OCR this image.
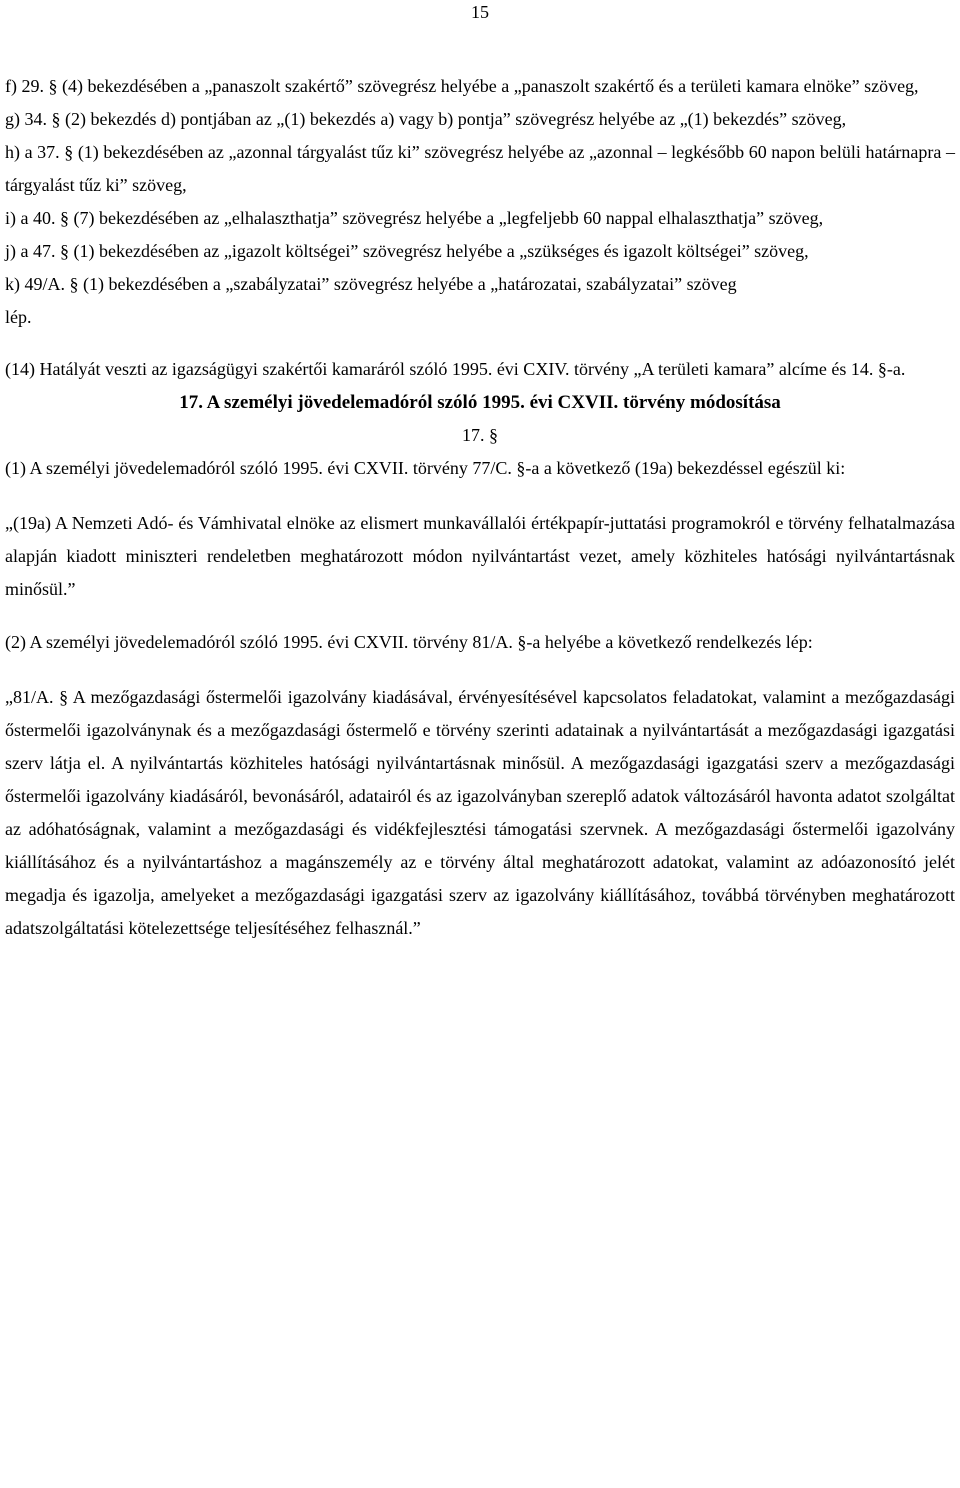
15

f) 29. § (4) bekezdésében a „panaszolt szakértő” szövegrész helyébe a „panaszolt szakértő és a területi kamara elnöke” szöveg,

g) 34. § (2) bekezdés d) pontjában az „(1) bekezdés a) vagy b) pontja” szövegrész helyébe az „(1) bekezdés” szöveg,

h) a 37. § (1) bekezdésében az „azonnal tárgyalást tűz ki” szövegrész helyébe az „azonnal – legkésőbb 60 napon belüli határnapra – tárgyalást tűz ki” szöveg,

i) a 40. § (7) bekezdésében az „elhalaszthatja” szövegrész helyébe a „legfeljebb 60 nappal elhalaszthatja” szöveg,

j) a 47. § (1) bekezdésében az „igazolt költségei” szövegrész helyébe a „szükséges és igazolt költségei” szöveg,

k) 49/A. § (1) bekezdésében a „szabályzatai” szövegrész helyébe a „határozatai, szabályzatai” szöveg

lép.

(14) Hatályát veszti az igazságügyi szakértői kamaráról szóló 1995. évi CXIV. törvény „A területi kamara” alcíme és 14. §-a.

17. A személyi jövedelemadóról szóló 1995. évi CXVII. törvény módosítása
17. §

(1) A személyi jövedelemadóról szóló 1995. évi CXVII. törvény 77/C. §-a a következő (19a) bekezdéssel egészül ki:

„(19a) A Nemzeti Adó- és Vámhivatal elnöke az elismert munkavállalói értékpapír-juttatási programokról e törvény felhatalmazása alapján kiadott miniszteri rendeletben meghatározott módon nyilvántartást vezet, amely közhiteles hatósági nyilvántartásnak minősül.”

(2) A személyi jövedelemadóról szóló 1995. évi CXVII. törvény 81/A. §-a helyébe a következő rendelkezés lép:

„81/A. § A mezőgazdasági őstermelői igazolvány kiadásával, érvényesítésével kapcsolatos feladatokat, valamint a mezőgazdasági őstermelői igazolványnak és a mezőgazdasági őstermelő e törvény szerinti adatainak a nyilvántartását a mezőgazdasági igazgatási szerv látja el. A nyilvántartás közhiteles hatósági nyilvántartásnak minősül. A mezőgazdasági igazgatási szerv a mezőgazdasági őstermelői igazolvány kiadásáról, bevonásáról, adatairól és az igazolványban szereplő adatok változásáról havonta adatot szolgáltat az adóhatóságnak, valamint a mezőgazdasági és vidékfejlesztési támogatási szervnek. A mezőgazdasági őstermelői igazolvány kiállításához és a nyilvántartáshoz a magánszemély az e törvény által meghatározott adatokat, valamint az adóazonosító jelét megadja és igazolja, amelyeket a mezőgazdasági igazgatási szerv az igazolvány kiállításához, továbbá törvényben meghatározott adatszolgáltatási kötelezettsége teljesítéséhez felhasznál.”
